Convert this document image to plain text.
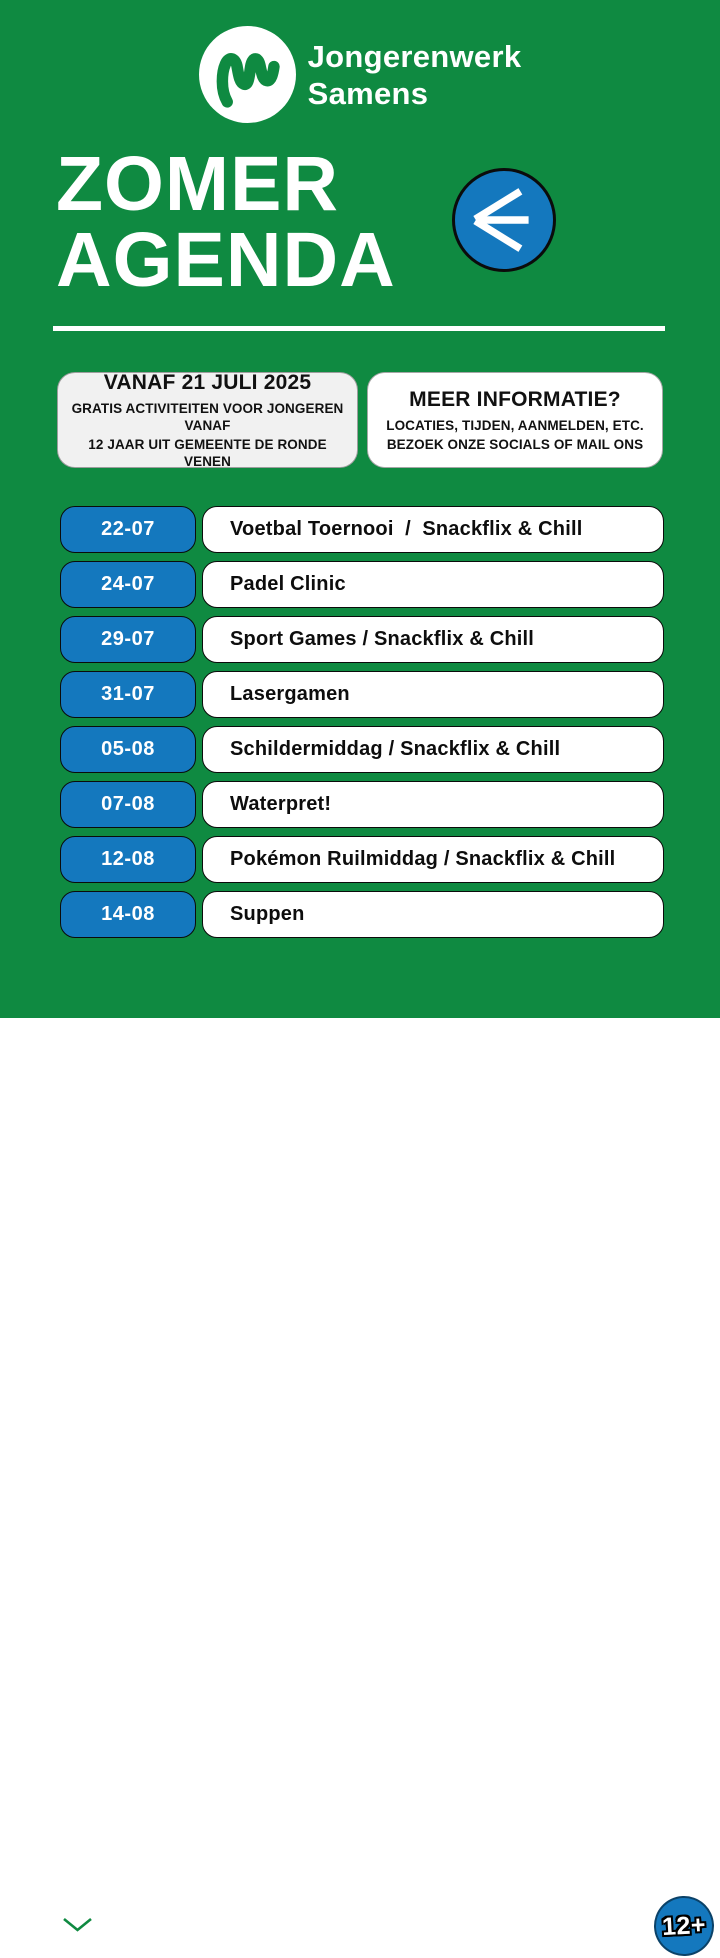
Jongerenwerk
Samens
ZOMER
AGENDA
VANAF 21 JULI 2025
GRATIS ACTIVITEITEN VOOR JONGEREN VANAF
12 JAAR UIT GEMEENTE DE RONDE VENEN
MEER INFORMATIE?
LOCATIES, TIJDEN, AANMELDEN, ETC.
BEZOEK ONZE SOCIALS OF MAIL ONS
22-07	Voetbal Toernooi  /  Snackflix & Chill
24-07	Padel Clinic
29-07	Sport Games / Snackflix & Chill
31-07	Lasergamen
05-08	Schildermiddag / Snackflix & Chill
07-08	Waterpret!
12-08	Pokémon Ruilmiddag / Snackflix & Chill
14-08	Suppen
jongerenwerk@stichtingsamens.nl	jwsamens	12+
